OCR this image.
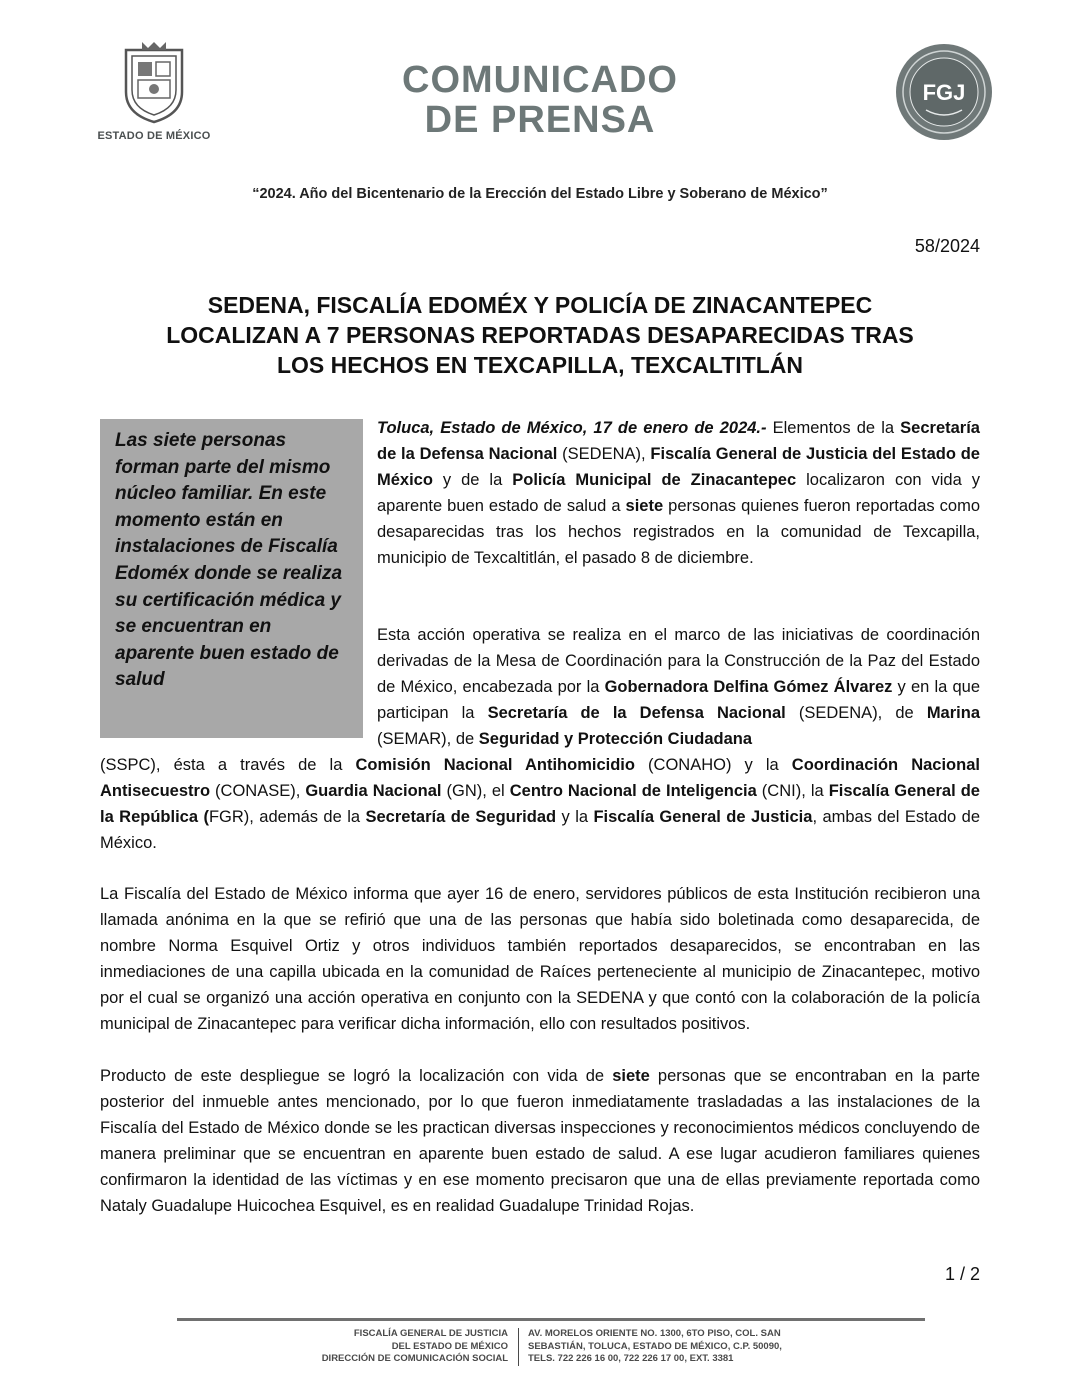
ESTADO DE MÉXICO
COMUNICADO
DE PRENSA
FGJ
“2024. Año del Bicentenario de la Erección del Estado Libre y Soberano de México”
58/2024
SEDENA, FISCALÍA EDOMÉX Y POLICÍA DE ZINACANTEPEC
LOCALIZAN A 7 PERSONAS REPORTADAS DESAPARECIDAS TRAS
LOS HECHOS EN TEXCAPILLA, TEXCALTITLÁN
Las siete personas forman parte del mismo núcleo familiar. En este momento están en instalaciones de Fiscalía Edoméx donde se realiza su certificación médica y se encuentran en aparente buen estado de salud

Toluca, Estado de México, 17 de enero de 2024.- Elementos de la Secretaría de la Defensa Nacional (SEDENA), Fiscalía General de Justicia del Estado de México y de la Policía Municipal de Zinacantepec localizaron con vida y aparente buen estado de salud a siete personas quienes fueron reportadas como desaparecidas tras los hechos registrados en la comunidad de Texcapilla, municipio de Texcaltitlán, el pasado 8 de diciembre.

Esta acción operativa se realiza en el marco de las iniciativas de coordinación derivadas de la Mesa de Coordinación para la Construcción de la Paz del Estado de México, encabezada por la Gobernadora Delfina Gómez Álvarez y en la que participan la Secretaría de la Defensa Nacional (SEDENA), de Marina (SEMAR), de Seguridad y Protección Ciudadana

(SSPC), ésta a través de la Comisión Nacional Antihomicidio (CONAHO) y la Coordinación Nacional Antisecuestro (CONASE), Guardia Nacional (GN), el Centro Nacional de Inteligencia (CNI), la Fiscalía General de la República (FGR), además de la Secretaría de Seguridad y la Fiscalía General de Justicia, ambas del Estado de México.

La Fiscalía del Estado de México informa que ayer 16 de enero, servidores públicos de esta Institución recibieron una llamada anónima en la que se refirió que una de las personas que había sido boletinada como desaparecida, de nombre Norma Esquivel Ortiz y otros individuos también reportados desaparecidos, se encontraban en las inmediaciones de una capilla ubicada en la comunidad de Raíces perteneciente al municipio de Zinacantepec, motivo por el cual se organizó una acción operativa en conjunto con la SEDENA y que contó con la colaboración de la policía municipal de Zinacantepec para verificar dicha información, ello con resultados positivos.

Producto de este despliegue se logró la localización con vida de siete personas que se encontraban en la parte posterior del inmueble antes mencionado, por lo que fueron inmediatamente trasladadas a las instalaciones de la Fiscalía del Estado de México donde se les practican diversas inspecciones y reconocimientos médicos concluyendo de manera preliminar que se encuentran en aparente buen estado de salud. A ese lugar acudieron familiares quienes confirmaron la identidad de las víctimas y en ese momento precisaron que una de ellas previamente reportada como Nataly Guadalupe Huicochea Esquivel, es en realidad Guadalupe Trinidad Rojas.

1 / 2
FISCALÍA GENERAL DE JUSTICIA
DEL ESTADO DE MÉXICO
DIRECCIÓN DE COMUNICACIÓN SOCIAL
AV. MORELOS ORIENTE NO. 1300, 6TO PISO, COL. SAN
SEBASTIÁN, TOLUCA, ESTADO DE MÉXICO, C.P. 50090,
TELS. 722 226 16 00, 722 226 17 00, EXT. 3381
